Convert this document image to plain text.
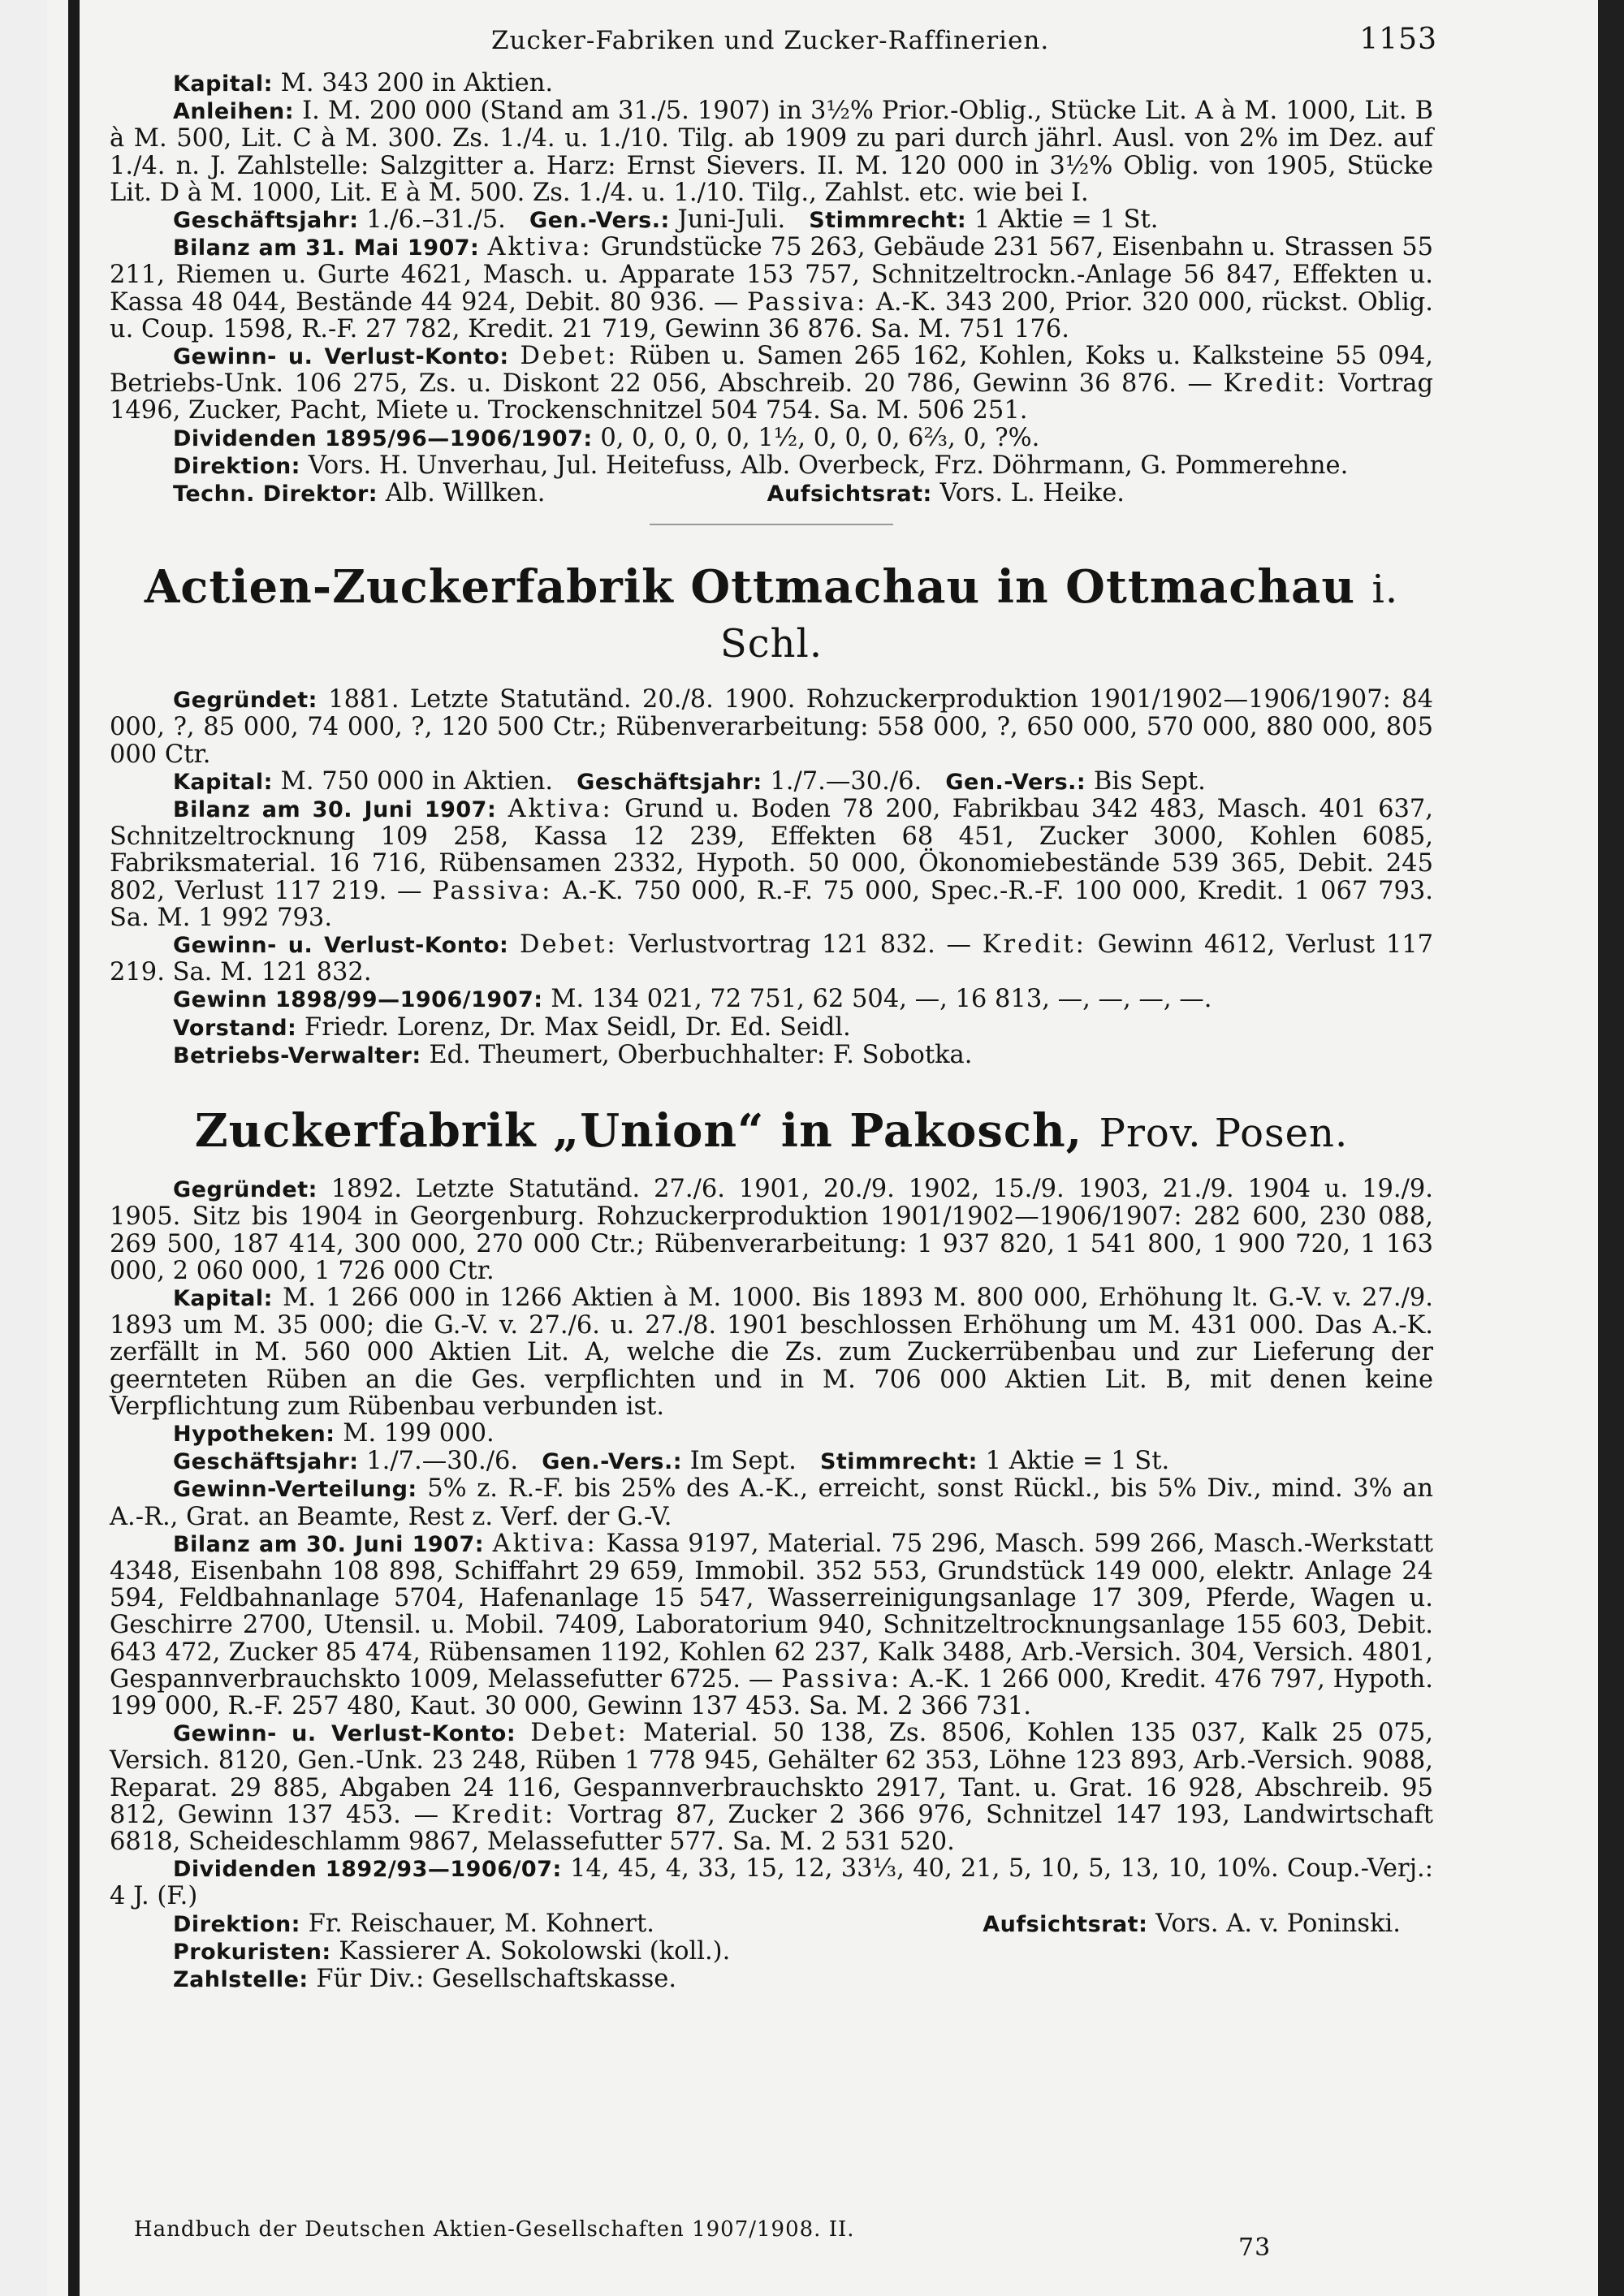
Zucker-Fabriken und Zucker-Raffinerien.	1153

Kapital: M. 343 200 in Aktien.

Anleihen: I. M. 200 000 (Stand am 31./5. 1907) in 3½% Prior.-Oblig., Stücke Lit. A à M. 1000, Lit. B à M. 500, Lit. C à M. 300. Zs. 1./4. u. 1./10. Tilg. ab 1909 zu pari durch jährl. Ausl. von 2% im Dez. auf 1./4. n. J. Zahlstelle: Salzgitter a. Harz: Ernst Sievers. II. M. 120 000 in 3½% Oblig. von 1905, Stücke Lit. D à M. 1000, Lit. E à M. 500. Zs. 1./4. u. 1./10. Tilg., Zahlst. etc. wie bei I.

Geschäftsjahr: 1./6.–31./5. Gen.-Vers.: Juni-Juli. Stimmrecht: 1 Aktie = 1 St.

Bilanz am 31. Mai 1907: Aktiva: Grundstücke 75 263, Gebäude 231 567, Eisenbahn u. Strassen 55 211, Riemen u. Gurte 4621, Masch. u. Apparate 153 757, Schnitzeltrockn.-Anlage 56 847, Effekten u. Kassa 48 044, Bestände 44 924, Debit. 80 936. — Passiva: A.-K. 343 200, Prior. 320 000, rückst. Oblig. u. Coup. 1598, R.-F. 27 782, Kredit. 21 719, Gewinn 36 876. Sa. M. 751 176.

Gewinn- u. Verlust-Konto: Debet: Rüben u. Samen 265 162, Kohlen, Koks u. Kalksteine 55 094, Betriebs-Unk. 106 275, Zs. u. Diskont 22 056, Abschreib. 20 786, Gewinn 36 876. — Kredit: Vortrag 1496, Zucker, Pacht, Miete u. Trockenschnitzel 504 754. Sa. M. 506 251.

Dividenden 1895/96—1906/1907: 0, 0, 0, 0, 0, 1½, 0, 0, 0, 6⅔, 0, ?%.

Direktion: Vors. H. Unverhau, Jul. Heitefuss, Alb. Overbeck, Frz. Döhrmann, G. Pommerehne.

Techn. Direktor: Alb. Willken.	Aufsichtsrat: Vors. L. Heike.

Actien-Zuckerfabrik Ottmachau in Ottmachau i. Schl.

Gegründet: 1881. Letzte Statutänd. 20./8. 1900. Rohzuckerproduktion 1901/1902—1906/1907: 84 000, ?, 85 000, 74 000, ?, 120 500 Ctr.; Rübenverarbeitung: 558 000, ?, 650 000, 570 000, 880 000, 805 000 Ctr.

Kapital: M. 750 000 in Aktien. Geschäftsjahr: 1./7.—30./6. Gen.-Vers.: Bis Sept.

Bilanz am 30. Juni 1907: Aktiva: Grund u. Boden 78 200, Fabrikbau 342 483, Masch. 401 637, Schnitzeltrocknung 109 258, Kassa 12 239, Effekten 68 451, Zucker 3000, Kohlen 6085, Fabriksmaterial. 16 716, Rübensamen 2332, Hypoth. 50 000, Ökonomiebestände 539 365, Debit. 245 802, Verlust 117 219. — Passiva: A.-K. 750 000, R.-F. 75 000, Spec.-R.-F. 100 000, Kredit. 1 067 793. Sa. M. 1 992 793.

Gewinn- u. Verlust-Konto: Debet: Verlustvortrag 121 832. — Kredit: Gewinn 4612, Verlust 117 219. Sa. M. 121 832.

Gewinn 1898/99—1906/1907: M. 134 021, 72 751, 62 504, —, 16 813, —, —, —, —.

Vorstand: Friedr. Lorenz, Dr. Max Seidl, Dr. Ed. Seidl.

Betriebs-Verwalter: Ed. Theumert, Oberbuchhalter: F. Sobotka.

Zuckerfabrik „Union“ in Pakosch, Prov. Posen.

Gegründet: 1892. Letzte Statutänd. 27./6. 1901, 20./9. 1902, 15./9. 1903, 21./9. 1904 u. 19./9. 1905. Sitz bis 1904 in Georgenburg. Rohzuckerproduktion 1901/1902—1906/1907: 282 600, 230 088, 269 500, 187 414, 300 000, 270 000 Ctr.; Rübenverarbeitung: 1 937 820, 1 541 800, 1 900 720, 1 163 000, 2 060 000, 1 726 000 Ctr.

Kapital: M. 1 266 000 in 1266 Aktien à M. 1000. Bis 1893 M. 800 000, Erhöhung lt. G.-V. v. 27./9. 1893 um M. 35 000; die G.-V. v. 27./6. u. 27./8. 1901 beschlossen Erhöhung um M. 431 000. Das A.-K. zerfällt in M. 560 000 Aktien Lit. A, welche die Zs. zum Zuckerrübenbau und zur Lieferung der geernteten Rüben an die Ges. verpflichten und in M. 706 000 Aktien Lit. B, mit denen keine Verpflichtung zum Rübenbau verbunden ist.

Hypotheken: M. 199 000.

Geschäftsjahr: 1./7.—30./6. Gen.-Vers.: Im Sept. Stimmrecht: 1 Aktie = 1 St.

Gewinn-Verteilung: 5% z. R.-F. bis 25% des A.-K., erreicht, sonst Rückl., bis 5% Div., mind. 3% an A.-R., Grat. an Beamte, Rest z. Verf. der G.-V.

Bilanz am 30. Juni 1907: Aktiva: Kassa 9197, Material. 75 296, Masch. 599 266, Masch.-Werkstatt 4348, Eisenbahn 108 898, Schiffahrt 29 659, Immobil. 352 553, Grundstück 149 000, elektr. Anlage 24 594, Feldbahnanlage 5704, Hafenanlage 15 547, Wasserreinigungsanlage 17 309, Pferde, Wagen u. Geschirre 2700, Utensil. u. Mobil. 7409, Laboratorium 940, Schnitzeltrocknungsanlage 155 603, Debit. 643 472, Zucker 85 474, Rübensamen 1192, Kohlen 62 237, Kalk 3488, Arb.-Versich. 304, Versich. 4801, Gespannverbrauchskto 1009, Melassefutter 6725. — Passiva: A.-K. 1 266 000, Kredit. 476 797, Hypoth. 199 000, R.-F. 257 480, Kaut. 30 000, Gewinn 137 453. Sa. M. 2 366 731.

Gewinn- u. Verlust-Konto: Debet: Material. 50 138, Zs. 8506, Kohlen 135 037, Kalk 25 075, Versich. 8120, Gen.-Unk. 23 248, Rüben 1 778 945, Gehälter 62 353, Löhne 123 893, Arb.-Versich. 9088, Reparat. 29 885, Abgaben 24 116, Gespannverbrauchskto 2917, Tant. u. Grat. 16 928, Abschreib. 95 812, Gewinn 137 453. — Kredit: Vortrag 87, Zucker 2 366 976, Schnitzel 147 193, Landwirtschaft 6818, Scheideschlamm 9867, Melassefutter 577. Sa. M. 2 531 520.

Dividenden 1892/93—1906/07: 14, 45, 4, 33, 15, 12, 33⅓, 40, 21, 5, 10, 5, 13, 10, 10%. Coup.-Verj.: 4 J. (F.)

Direktion: Fr. Reischauer, M. Kohnert.	Aufsichtsrat: Vors. A. v. Poninski.

Prokuristen: Kassierer A. Sokolowski (koll.).

Zahlstelle: Für Div.: Gesellschaftskasse.

Handbuch der Deutschen Aktien-Gesellschaften 1907/1908. II.
73
